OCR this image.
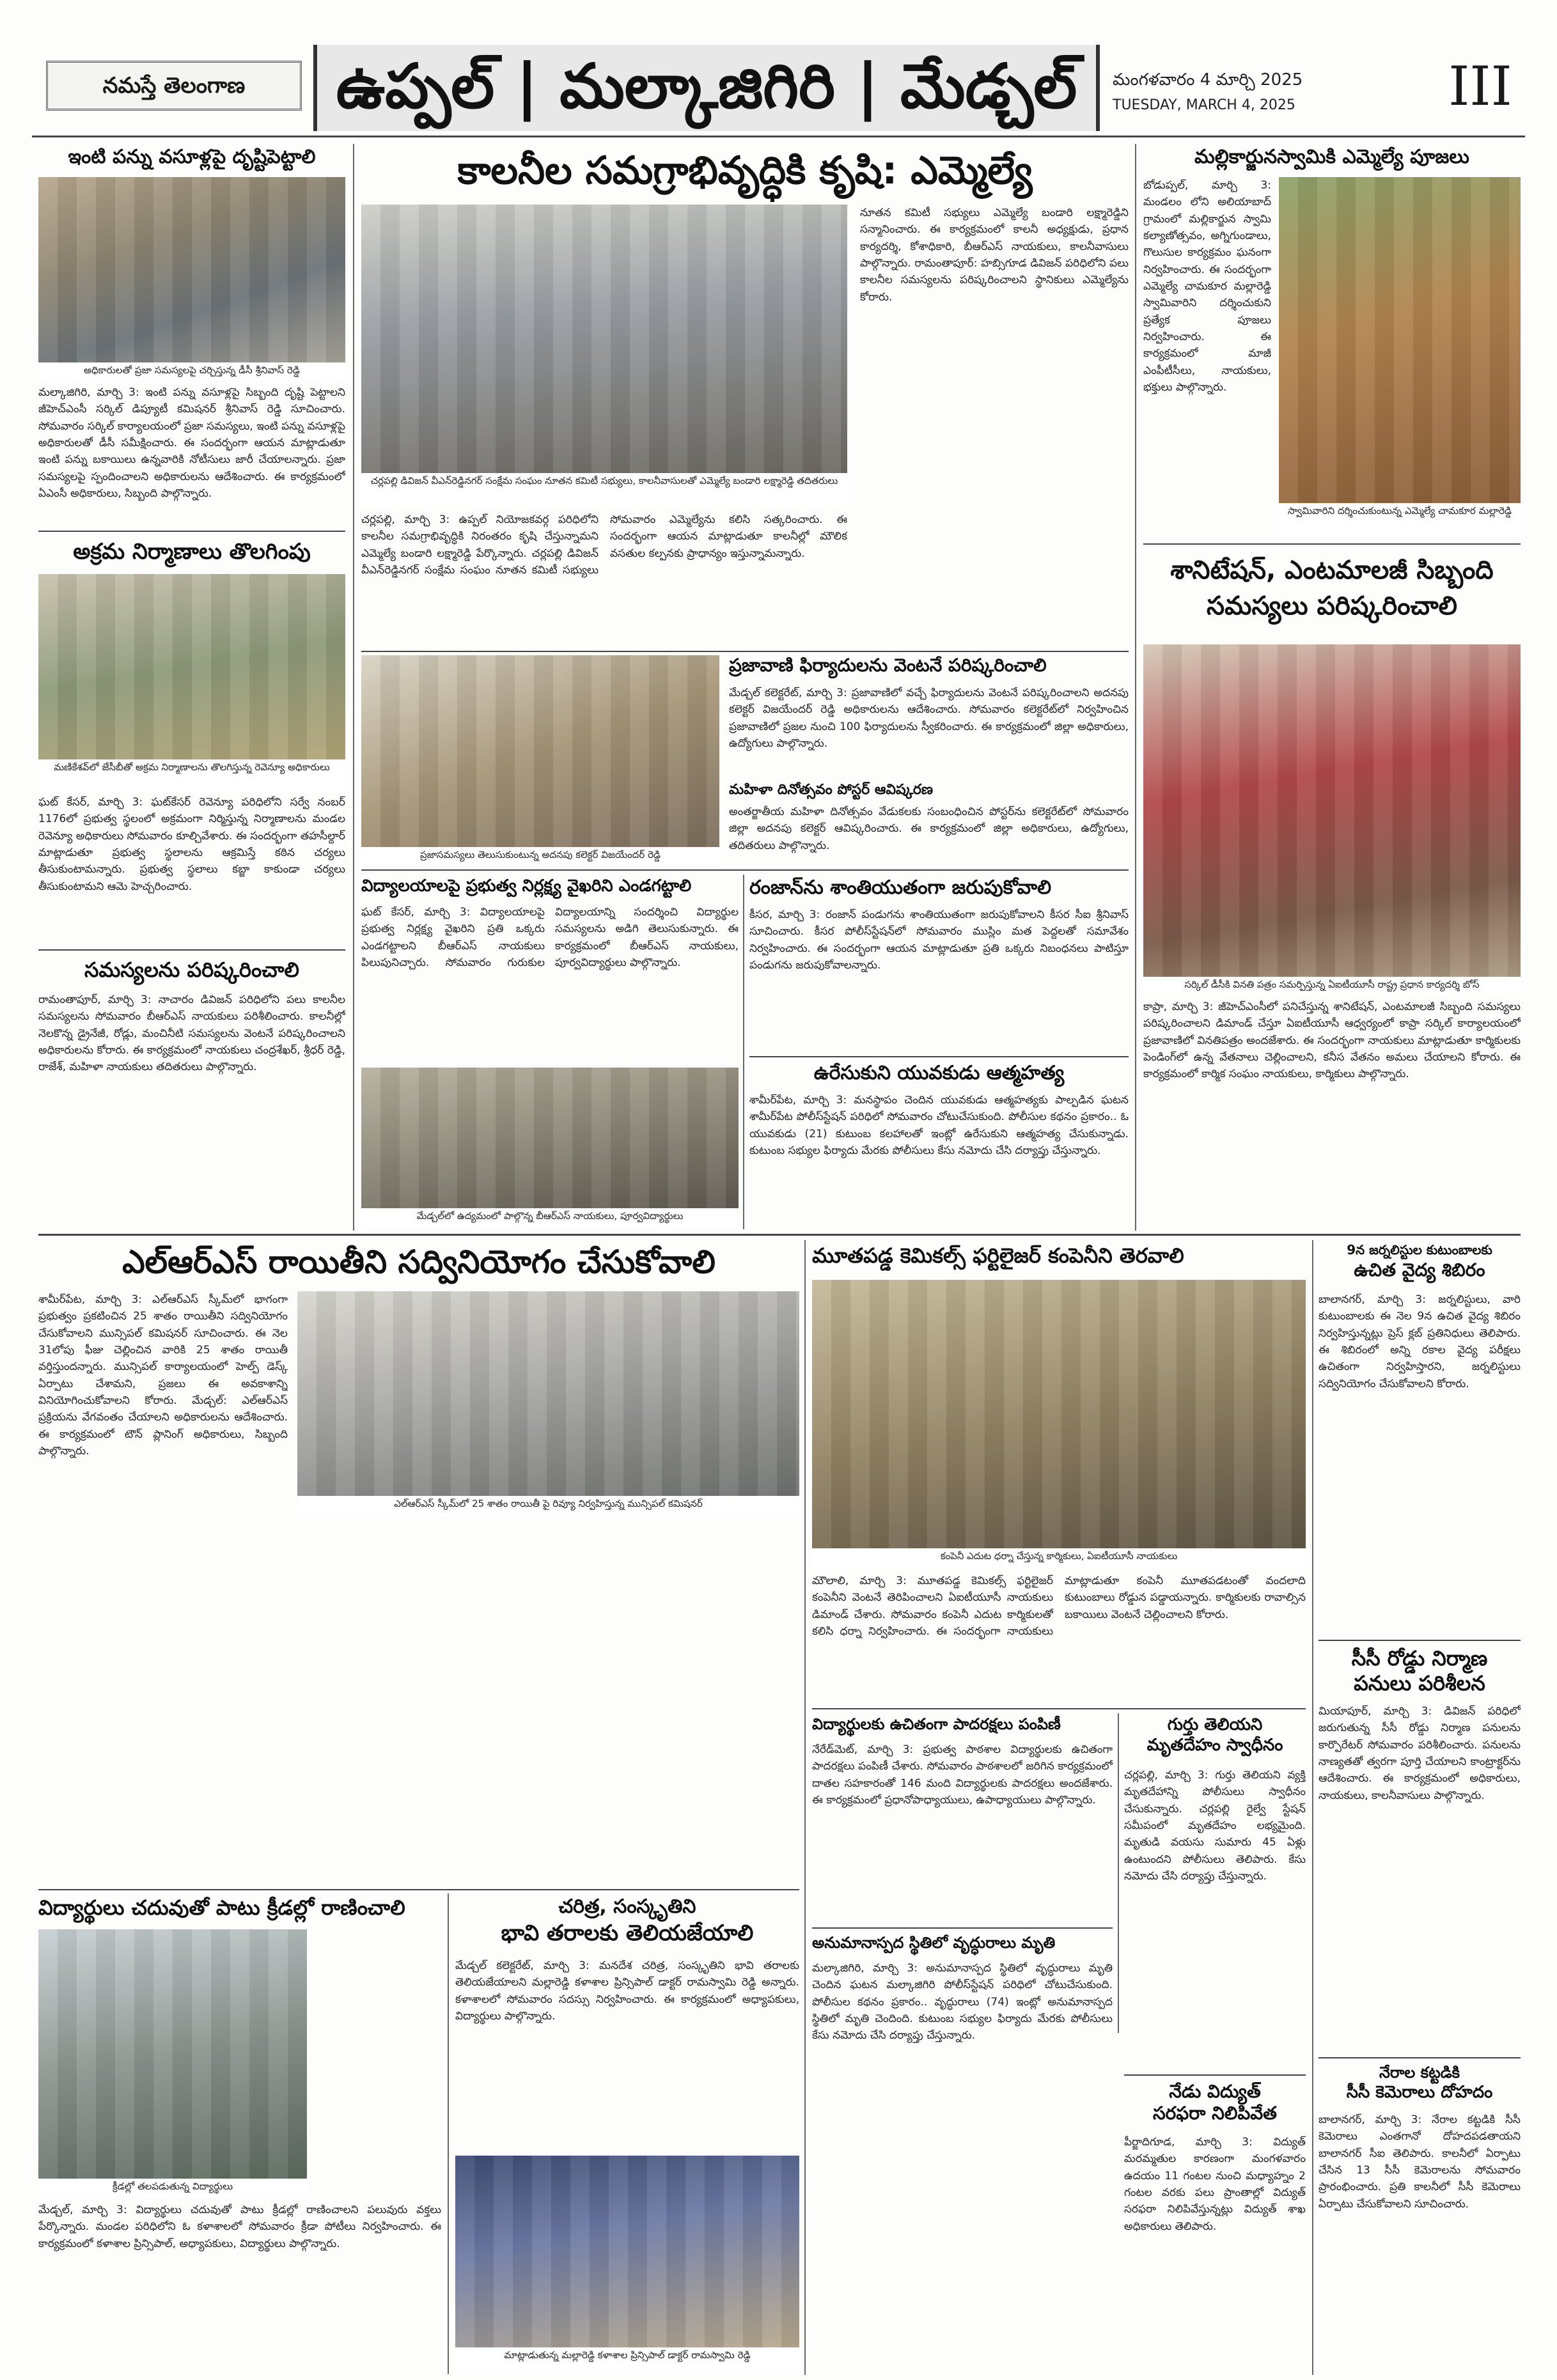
నమస్తే తెలంగాణ	ఉప్పల్ | మల్కాజిగిరి | మేడ్చల్	మంగళవారం 4 మార్చి 2025
TUESDAY, MARCH 4, 2025	III
ఇంటి పన్ను వసూళ్లపై దృష్టిపెట్టాలి
అధికారులతో ప్రజా సమస్యలపై చర్చిస్తున్న డీసీ శ్రీనివాస్ రెడ్డి
మల్కాజిగిరి, మార్చి 3: ఇంటి పన్ను వసూళ్లపై సిబ్బంది దృష్టి పెట్టాలని జీహెచ్ఎంసీ సర్కిల్ డిప్యూటీ కమిషనర్ శ్రీనివాస్ రెడ్డి సూచించారు. సోమవారం సర్కిల్ కార్యాలయంలో ప్రజా సమస్యలు, ఇంటి పన్ను వసూళ్లపై అధికారులతో డీసీ సమీక్షించారు. ఈ సందర్భంగా ఆయన మాట్లాడుతూ ఇంటి పన్ను బకాయిలు ఉన్నవారికి నోటీసులు జారీ చేయాలన్నారు. ప్రజా సమస్యలపై స్పందించాలని అధికారులను ఆదేశించారు. ఈ కార్యక్రమంలో ఏఎంసీ అధికారులు, సిబ్బంది పాల్గొన్నారు.
అక్రమ నిర్మాణాలు తొలగింపు
మణికేశవ్‌లో జేసీబీతో అక్రమ నిర్మాణాలను తొలగిస్తున్న రెవెన్యూ అధికారులు
ఘట్ కేసర్, మార్చి 3: ఘట్‌కేసర్ రెవెన్యూ పరిధిలోని సర్వే నంబర్ 1176లో ప్రభుత్వ స్థలంలో అక్రమంగా నిర్మిస్తున్న నిర్మాణాలను మండల రెవెన్యూ అధికారులు సోమవారం కూల్చివేశారు. ఈ సందర్భంగా తహసీల్దార్ మాట్లాడుతూ ప్రభుత్వ స్థలాలను ఆక్రమిస్తే కఠిన చర్యలు తీసుకుంటామన్నారు. ప్రభుత్వ స్థలాలు కబ్జా కాకుండా చర్యలు తీసుకుంటామని ఆమె హెచ్చరించారు.
సమస్యలను పరిష్కరించాలి
రామంతాపూర్, మార్చి 3: నాచారం డివిజన్ పరిధిలోని పలు కాలనీల సమస్యలను సోమవారం బీఆర్ఎస్ నాయకులు పరిశీలించారు. కాలనీల్లో నెలకొన్న డ్రైనేజీ, రోడ్లు, మంచినీటి సమస్యలను వెంటనే పరిష్కరించాలని అధికారులను కోరారు. ఈ కార్యక్రమంలో నాయకులు చంద్రశేఖర్, శ్రీధర్ రెడ్డి, రాజేశ్, మహిళా నాయకులు తదితరులు పాల్గొన్నారు.
కాలనీల సమగ్రాభివృద్ధికి కృషి: ఎమ్మెల్యే
చర్లపల్లి డివిజన్ వీఎన్‌రెడ్డినగర్ సంక్షేమ సంఘం నూతన కమిటీ సభ్యులు, కాలనీవాసులతో ఎమ్మెల్యే బండారి లక్ష్మారెడ్డి తదితరులు
చర్లపల్లి, మార్చి 3: ఉప్పల్ నియోజకవర్గ పరిధిలోని కాలనీల సమగ్రాభివృద్ధికి నిరంతరం కృషి చేస్తున్నామని ఎమ్మెల్యే బండారి లక్ష్మారెడ్డి పేర్కొన్నారు. చర్లపల్లి డివిజన్ వీఎన్‌రెడ్డినగర్ సంక్షేమ సంఘం నూతన కమిటీ సభ్యులు సోమవారం ఎమ్మెల్యేను కలిసి సత్కరించారు. ఈ సందర్భంగా ఆయన మాట్లాడుతూ కాలనీల్లో మౌలిక వసతుల కల్పనకు ప్రాధాన్యం ఇస్తున్నామన్నారు.
నూతన కమిటీ సభ్యులు ఎమ్మెల్యే బండారి లక్ష్మారెడ్డిని సన్మానించారు. ఈ కార్యక్రమంలో కాలనీ అధ్యక్షుడు, ప్రధాన కార్యదర్శి, కోశాధికారి, బీఆర్ఎస్ నాయకులు, కాలనీవాసులు పాల్గొన్నారు. రామంతాపూర్: హబ్సిగూడ డివిజన్ పరిధిలోని పలు కాలనీల సమస్యలను పరిష్కరించాలని స్థానికులు ఎమ్మెల్యేను కోరారు.
ప్రజాసమస్యలు తెలుసుకుంటున్న అదనపు కలెక్టర్ విజయేందర్ రెడ్డి
ప్రజావాణి ఫిర్యాదులను వెంటనే పరిష్కరించాలి
మేడ్చల్ కలెక్టరేట్, మార్చి 3: ప్రజావాణిలో వచ్చే ఫిర్యాదులను వెంటనే పరిష్కరించాలని అదనపు కలెక్టర్ విజయేందర్ రెడ్డి అధికారులను ఆదేశించారు. సోమవారం కలెక్టరేట్‌లో నిర్వహించిన ప్రజావాణిలో ప్రజల నుంచి 100 ఫిర్యాదులను స్వీకరించారు. ఈ కార్యక్రమంలో జిల్లా అధికారులు, ఉద్యోగులు పాల్గొన్నారు.
మహిళా దినోత్సవం పోస్టర్ ఆవిష్కరణ
అంతర్జాతీయ మహిళా దినోత్సవం వేడుకలకు సంబంధించిన పోస్టర్‌ను కలెక్టరేట్‌లో సోమవారం జిల్లా అదనపు కలెక్టర్ ఆవిష్కరించారు. ఈ కార్యక్రమంలో జిల్లా అధికారులు, ఉద్యోగులు, తదితరులు పాల్గొన్నారు.
విద్యాలయాలపై ప్రభుత్వ నిర్లక్ష్య వైఖరిని ఎండగట్టాలి
ఘట్ కేసర్, మార్చి 3: విద్యాలయాలపై ప్రభుత్వ నిర్లక్ష్య వైఖరిని ప్రతి ఒక్కరు ఎండగట్టాలని బీఆర్ఎస్ నాయకులు పిలుపునిచ్చారు. సోమవారం గురుకుల విద్యాలయాన్ని సందర్శించి విద్యార్థుల సమస్యలను అడిగి తెలుసుకున్నారు. ఈ కార్యక్రమంలో బీఆర్ఎస్ నాయకులు, పూర్వవిద్యార్థులు పాల్గొన్నారు.
మేడ్చల్‌లో ఉద్యమంలో పాల్గొన్న బీఆర్ఎస్ నాయకులు, పూర్వవిద్యార్థులు
రంజాన్‌ను శాంతియుతంగా జరుపుకోవాలి
కీసర, మార్చి 3: రంజాన్ పండుగను శాంతియుతంగా జరుపుకోవాలని కీసర సీఐ శ్రీనివాస్ సూచించారు. కీసర పోలీస్‌స్టేషన్‌లో సోమవారం ముస్లిం మత పెద్దలతో సమావేశం నిర్వహించారు. ఈ సందర్భంగా ఆయన మాట్లాడుతూ ప్రతి ఒక్కరు నిబంధనలు పాటిస్తూ పండుగను జరుపుకోవాలన్నారు.
ఉరేసుకుని యువకుడు ఆత్మహత్య
శామీర్‌పేట, మార్చి 3: మనస్థాపం చెందిన యువకుడు ఆత్మహత్యకు పాల్పడిన ఘటన శామీర్‌పేట పోలీస్‌స్టేషన్ పరిధిలో సోమవారం చోటుచేసుకుంది. పోలీసుల కథనం ప్రకారం.. ఓ యువకుడు (21) కుటుంబ కలహాలతో ఇంట్లో ఉరేసుకుని ఆత్మహత్య చేసుకున్నాడు. కుటుంబ సభ్యుల ఫిర్యాదు మేరకు పోలీసులు కేసు నమోదు చేసి దర్యాప్తు చేస్తున్నారు.
మల్లికార్జునస్వామికి ఎమ్మెల్యే పూజలు
బోడుప్పల్, మార్చి 3: మండలం లోని అలియాబాద్ గ్రామంలో మల్లికార్జున స్వామి కల్యాణోత్సవం, అగ్నిగుండాలు, గొలుసుల కార్యక్రమం ఘనంగా నిర్వహించారు. ఈ సందర్భంగా ఎమ్మెల్యే చామకూర మల్లారెడ్డి స్వామివారిని దర్శించుకుని ప్రత్యేక పూజలు నిర్వహించారు. ఈ కార్యక్రమంలో మాజీ ఎంపీటీసీలు, నాయకులు, భక్తులు పాల్గొన్నారు.
స్వామివారిని దర్శించుకుంటున్న ఎమ్మెల్యే చామకూర మల్లారెడ్డి
శానిటేషన్, ఎంటమాలజీ సిబ్బంది సమస్యలు పరిష్కరించాలి
సర్కిల్ డీసీకి వినతి పత్రం సమర్పిస్తున్న ఏఐటీయూసీ రాష్ట్ర ప్రధాన కార్యదర్శి బోస్
కాప్రా, మార్చి 3: జీహెచ్ఎంసీలో పనిచేస్తున్న శానిటేషన్, ఎంటమాలజీ సిబ్బంది సమస్యలు పరిష్కరించాలని డిమాండ్ చేస్తూ ఏఐటీయూసీ ఆధ్వర్యంలో కాప్రా సర్కిల్ కార్యాలయంలో ప్రజావాణిలో వినతిపత్రం అందజేశారు. ఈ సందర్భంగా నాయకులు మాట్లాడుతూ కార్మికులకు పెండింగ్‌లో ఉన్న వేతనాలు చెల్లించాలని, కనీస వేతనం అమలు చేయాలని కోరారు. ఈ కార్యక్రమంలో కార్మిక సంఘం నాయకులు, కార్మికులు పాల్గొన్నారు.
ఎల్ఆర్ఎస్ రాయితీని సద్వినియోగం చేసుకోవాలి
శామీర్‌పేట, మార్చి 3: ఎల్ఆర్ఎస్ స్కీమ్‌లో భాగంగా ప్రభుత్వం ప్రకటించిన 25 శాతం రాయితీని సద్వినియోగం చేసుకోవాలని మున్సిపల్ కమిషనర్ సూచించారు. ఈ నెల 31లోపు ఫీజు చెల్లించిన వారికి 25 శాతం రాయితీ వర్తిస్తుందన్నారు. మున్సిపల్ కార్యాలయంలో హెల్ప్ డెస్క్ ఏర్పాటు చేశామని, ప్రజలు ఈ అవకాశాన్ని వినియోగించుకోవాలని కోరారు. మేడ్చల్: ఎల్ఆర్ఎస్ ప్రక్రియను వేగవంతం చేయాలని అధికారులను ఆదేశించారు. ఈ కార్యక్రమంలో టౌన్ ప్లానింగ్ అధికారులు, సిబ్బంది పాల్గొన్నారు.
ఎల్ఆర్ఎస్ స్కీమ్‌లో 25 శాతం రాయితీ పై రివ్యూ నిర్వహిస్తున్న మున్సిపల్ కమిషనర్
మూతపడ్డ కెమికల్స్ ఫర్టిలైజర్ కంపెనీని తెరవాలి
కంపెనీ ఎదుట ధర్నా చేస్తున్న కార్మికులు, ఏఐటీయూసీ నాయకులు
మౌలాలి, మార్చి 3: మూతపడ్డ కెమికల్స్ ఫర్టిలైజర్ కంపెనీని వెంటనే తెరిపించాలని ఏఐటీయూసీ నాయకులు డిమాండ్ చేశారు. సోమవారం కంపెనీ ఎదుట కార్మికులతో కలిసి ధర్నా నిర్వహించారు. ఈ సందర్భంగా నాయకులు మాట్లాడుతూ కంపెనీ మూతపడటంతో వందలాది కుటుంబాలు రోడ్డున పడ్డాయన్నారు. కార్మికులకు రావాల్సిన బకాయిలు వెంటనే చెల్లించాలని కోరారు.
9న జర్నలిస్టుల కుటుంబాలకు
ఉచిత వైద్య శిబిరం
బాలానగర్, మార్చి 3: జర్నలిస్టులు, వారి కుటుంబాలకు ఈ నెల 9న ఉచిత వైద్య శిబిరం నిర్వహిస్తున్నట్లు ప్రెస్ క్లబ్ ప్రతినిధులు తెలిపారు. ఈ శిబిరంలో అన్ని రకాల వైద్య పరీక్షలు ఉచితంగా నిర్వహిస్తారని, జర్నలిస్టులు సద్వినియోగం చేసుకోవాలని కోరారు.
సీసీ రోడ్డు నిర్మాణ
పనులు పరిశీలన
మియాపూర్, మార్చి 3: డివిజన్ పరిధిలో జరుగుతున్న సీసీ రోడ్డు నిర్మాణ పనులను కార్పొరేటర్ సోమవారం పరిశీలించారు. పనులను నాణ్యతతో త్వరగా పూర్తి చేయాలని కాంట్రాక్టర్‌ను ఆదేశించారు. ఈ కార్యక్రమంలో అధికారులు, నాయకులు, కాలనీవాసులు పాల్గొన్నారు.
నేరాల కట్టడికి
సీసీ కెమెరాలు దోహదం
బాలానగర్, మార్చి 3: నేరాల కట్టడికి సీసీ కెమెరాలు ఎంతగానో దోహదపడతాయని బాలానగర్ సీఐ తెలిపారు. కాలనీలో ఏర్పాటు చేసిన 13 సీసీ కెమెరాలను సోమవారం ప్రారంభించారు. ప్రతి కాలనీలో సీసీ కెమెరాలు ఏర్పాటు చేసుకోవాలని సూచించారు.
విద్యార్థులకు ఉచితంగా పాదరక్షలు పంపిణీ
నేరేడ్‌మెట్, మార్చి 3: ప్రభుత్వ పాఠశాల విద్యార్థులకు ఉచితంగా పాదరక్షలు పంపిణీ చేశారు. సోమవారం పాఠశాలలో జరిగిన కార్యక్రమంలో దాతల సహకారంతో 146 మంది విద్యార్థులకు పాదరక్షలు అందజేశారు. ఈ కార్యక్రమంలో ప్రధానోపాధ్యాయులు, ఉపాధ్యాయులు పాల్గొన్నారు.
గుర్తు తెలియని
మృతదేహం స్వాధీనం
చర్లపల్లి, మార్చి 3: గుర్తు తెలియని వ్యక్తి మృతదేహాన్ని పోలీసులు స్వాధీనం చేసుకున్నారు. చర్లపల్లి రైల్వే స్టేషన్ సమీపంలో మృతదేహం లభ్యమైంది. మృతుడి వయసు సుమారు 45 ఏళ్లు ఉంటుందని పోలీసులు తెలిపారు. కేసు నమోదు చేసి దర్యాప్తు చేస్తున్నారు.
అనుమానాస్పద స్థితిలో వృద్ధురాలు మృతి
మల్కాజిగిరి, మార్చి 3: అనుమానాస్పద స్థితిలో వృద్ధురాలు మృతి చెందిన ఘటన మల్కాజిగిరి పోలీస్‌స్టేషన్ పరిధిలో చోటుచేసుకుంది. పోలీసుల కథనం ప్రకారం.. వృద్ధురాలు (74) ఇంట్లో అనుమానాస్పద స్థితిలో మృతి చెందింది. కుటుంబ సభ్యుల ఫిర్యాదు మేరకు పోలీసులు కేసు నమోదు చేసి దర్యాప్తు చేస్తున్నారు.
నేడు విద్యుత్
సరఫరా నిలిపివేత
పీర్జాదిగూడ, మార్చి 3: విద్యుత్ మరమ్మతుల కారణంగా మంగళవారం ఉదయం 11 గంటల నుంచి మధ్యాహ్నం 2 గంటల వరకు పలు ప్రాంతాల్లో విద్యుత్ సరఫరా నిలిపివేస్తున్నట్లు విద్యుత్ శాఖ అధికారులు తెలిపారు.
విద్యార్థులు చదువుతో పాటు క్రీడల్లో రాణించాలి
క్రీడల్లో తలపడుతున్న విద్యార్థులు
మేడ్చల్, మార్చి 3: విద్యార్థులు చదువుతో పాటు క్రీడల్లో రాణించాలని పలువురు వక్తలు పేర్కొన్నారు. మండల పరిధిలోని ఓ కళాశాలలో సోమవారం క్రీడా పోటీలు నిర్వహించారు. ఈ కార్యక్రమంలో కళాశాల ప్రిన్సిపాల్, అధ్యాపకులు, విద్యార్థులు పాల్గొన్నారు.
చరిత్ర, సంస్కృతిని
భావి తరాలకు తెలియజేయాలి
మేడ్చల్ కలెక్టరేట్, మార్చి 3: మనదేశ చరిత్ర, సంస్కృతిని భావి తరాలకు తెలియజేయాలని మల్లారెడ్డి కళాశాల ప్రిన్సిపాల్ డాక్టర్ రామస్వామి రెడ్డి అన్నారు. కళాశాలలో సోమవారం సదస్సు నిర్వహించారు. ఈ కార్యక్రమంలో అధ్యాపకులు, విద్యార్థులు పాల్గొన్నారు.
మాట్లాడుతున్న మల్లారెడ్డి కళాశాల ప్రిన్సిపాల్ డాక్టర్ రామస్వామి రెడ్డి
